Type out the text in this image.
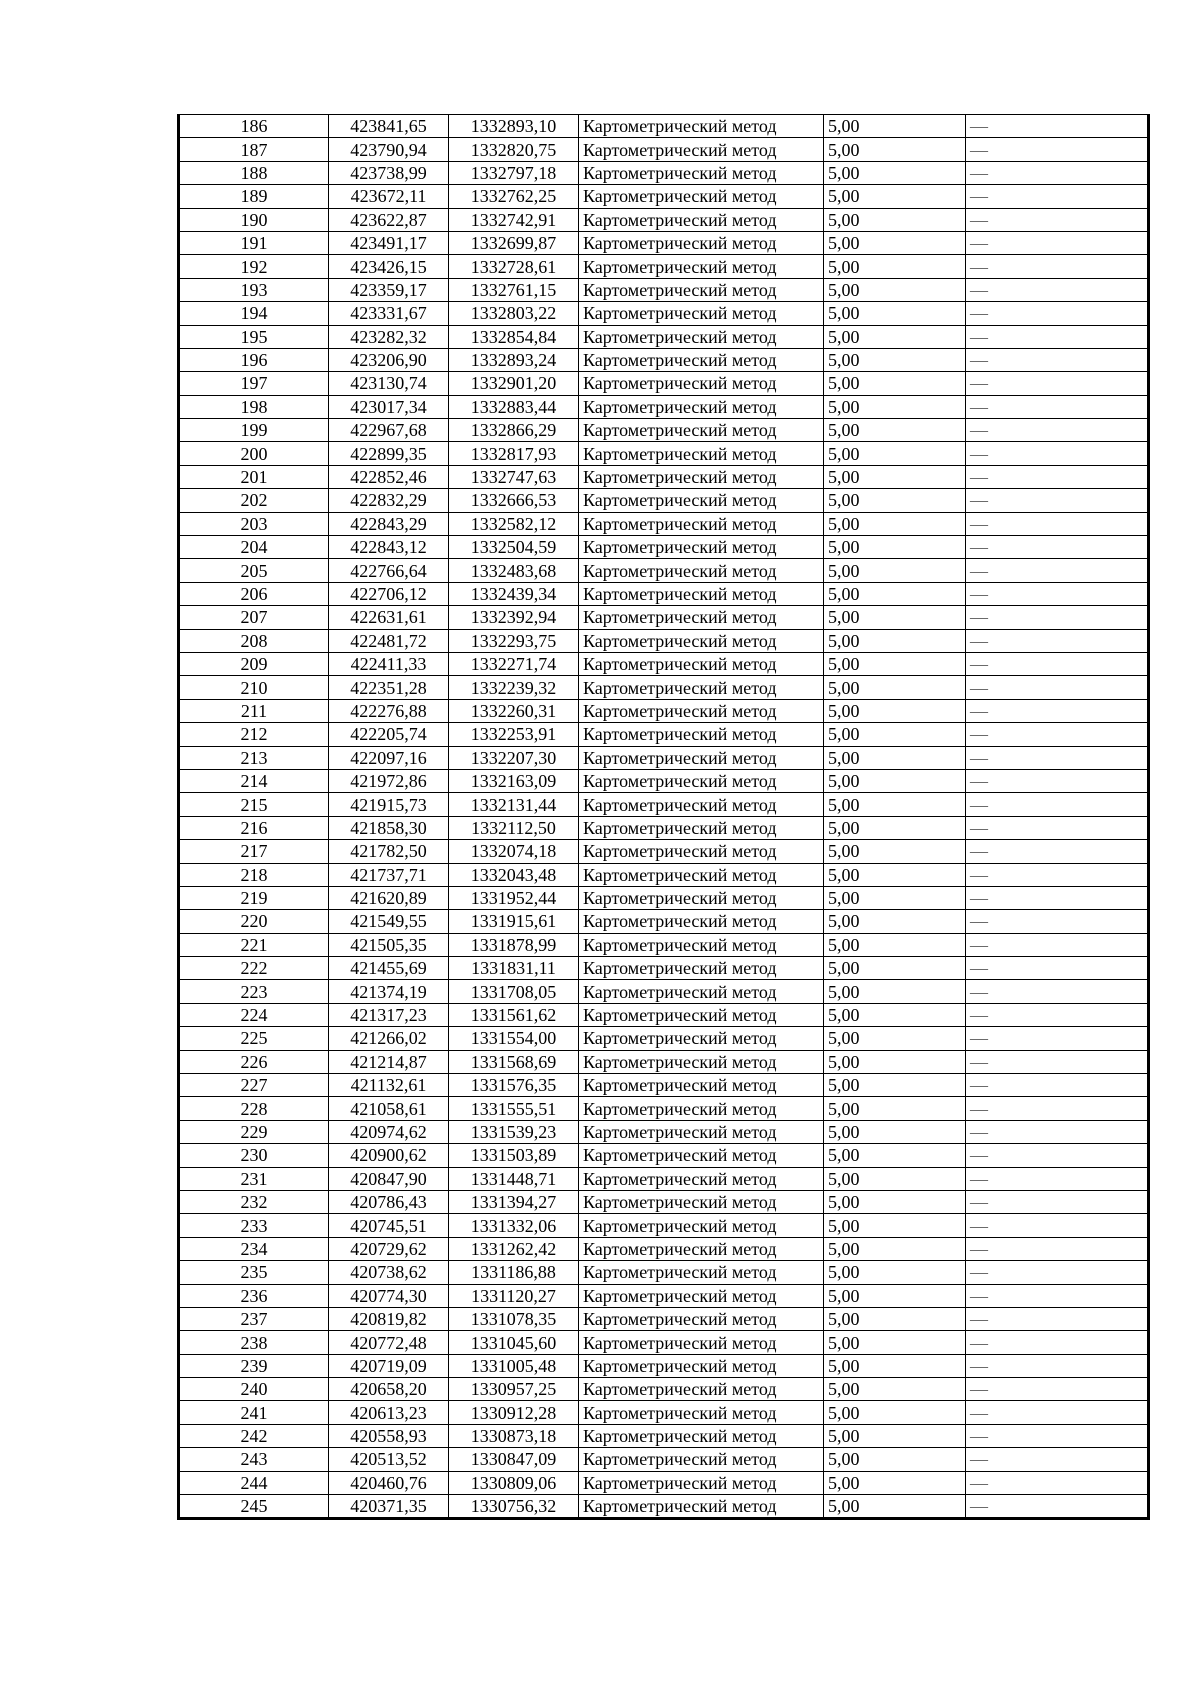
186	423841,65	1332893,10	Картометрический метод	5,00	—
187	423790,94	1332820,75	Картометрический метод	5,00	—
188	423738,99	1332797,18	Картометрический метод	5,00	—
189	423672,11	1332762,25	Картометрический метод	5,00	—
190	423622,87	1332742,91	Картометрический метод	5,00	—
191	423491,17	1332699,87	Картометрический метод	5,00	—
192	423426,15	1332728,61	Картометрический метод	5,00	—
193	423359,17	1332761,15	Картометрический метод	5,00	—
194	423331,67	1332803,22	Картометрический метод	5,00	—
195	423282,32	1332854,84	Картометрический метод	5,00	—
196	423206,90	1332893,24	Картометрический метод	5,00	—
197	423130,74	1332901,20	Картометрический метод	5,00	—
198	423017,34	1332883,44	Картометрический метод	5,00	—
199	422967,68	1332866,29	Картометрический метод	5,00	—
200	422899,35	1332817,93	Картометрический метод	5,00	—
201	422852,46	1332747,63	Картометрический метод	5,00	—
202	422832,29	1332666,53	Картометрический метод	5,00	—
203	422843,29	1332582,12	Картометрический метод	5,00	—
204	422843,12	1332504,59	Картометрический метод	5,00	—
205	422766,64	1332483,68	Картометрический метод	5,00	—
206	422706,12	1332439,34	Картометрический метод	5,00	—
207	422631,61	1332392,94	Картометрический метод	5,00	—
208	422481,72	1332293,75	Картометрический метод	5,00	—
209	422411,33	1332271,74	Картометрический метод	5,00	—
210	422351,28	1332239,32	Картометрический метод	5,00	—
211	422276,88	1332260,31	Картометрический метод	5,00	—
212	422205,74	1332253,91	Картометрический метод	5,00	—
213	422097,16	1332207,30	Картометрический метод	5,00	—
214	421972,86	1332163,09	Картометрический метод	5,00	—
215	421915,73	1332131,44	Картометрический метод	5,00	—
216	421858,30	1332112,50	Картометрический метод	5,00	—
217	421782,50	1332074,18	Картометрический метод	5,00	—
218	421737,71	1332043,48	Картометрический метод	5,00	—
219	421620,89	1331952,44	Картометрический метод	5,00	—
220	421549,55	1331915,61	Картометрический метод	5,00	—
221	421505,35	1331878,99	Картометрический метод	5,00	—
222	421455,69	1331831,11	Картометрический метод	5,00	—
223	421374,19	1331708,05	Картометрический метод	5,00	—
224	421317,23	1331561,62	Картометрический метод	5,00	—
225	421266,02	1331554,00	Картометрический метод	5,00	—
226	421214,87	1331568,69	Картометрический метод	5,00	—
227	421132,61	1331576,35	Картометрический метод	5,00	—
228	421058,61	1331555,51	Картометрический метод	5,00	—
229	420974,62	1331539,23	Картометрический метод	5,00	—
230	420900,62	1331503,89	Картометрический метод	5,00	—
231	420847,90	1331448,71	Картометрический метод	5,00	—
232	420786,43	1331394,27	Картометрический метод	5,00	—
233	420745,51	1331332,06	Картометрический метод	5,00	—
234	420729,62	1331262,42	Картометрический метод	5,00	—
235	420738,62	1331186,88	Картометрический метод	5,00	—
236	420774,30	1331120,27	Картометрический метод	5,00	—
237	420819,82	1331078,35	Картометрический метод	5,00	—
238	420772,48	1331045,60	Картометрический метод	5,00	—
239	420719,09	1331005,48	Картометрический метод	5,00	—
240	420658,20	1330957,25	Картометрический метод	5,00	—
241	420613,23	1330912,28	Картометрический метод	5,00	—
242	420558,93	1330873,18	Картометрический метод	5,00	—
243	420513,52	1330847,09	Картометрический метод	5,00	—
244	420460,76	1330809,06	Картометрический метод	5,00	—
245	420371,35	1330756,32	Картометрический метод	5,00	—
